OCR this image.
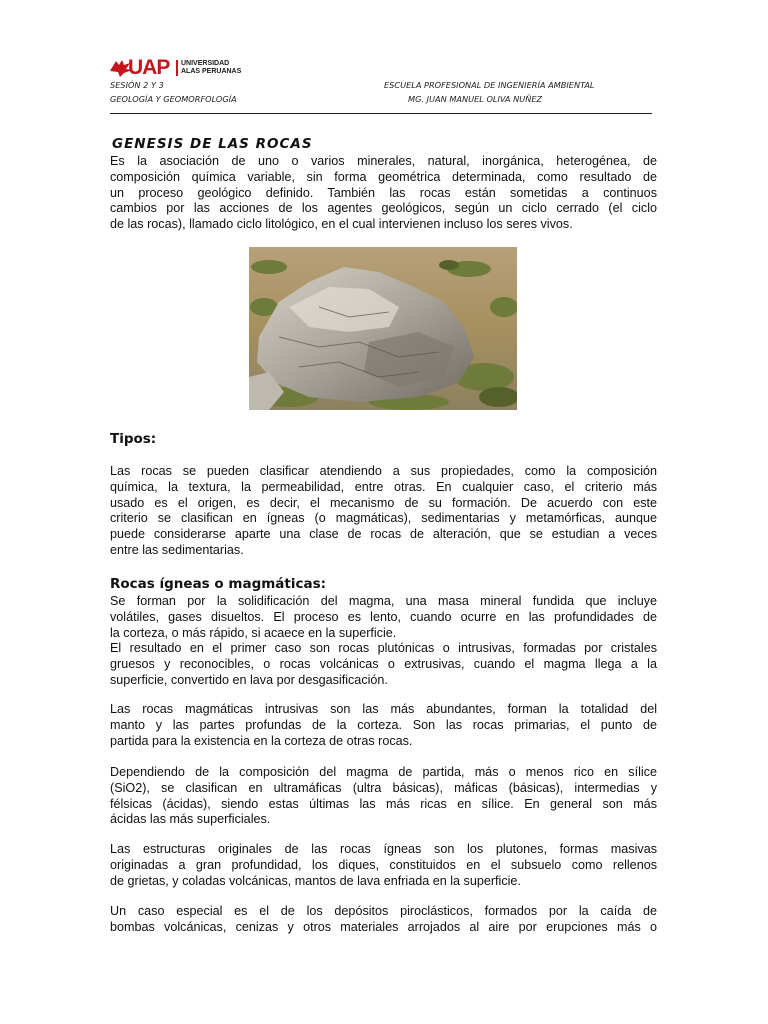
UAP UNIVERSIDAD
ALAS PERUANAS
SESIÓN 2 Y 3
GEOLOGÍA Y GEOMORFOLOGÍA
ESCUELA PROFESIONAL DE INGENIERÍA AMBIENTAL
MG. JUAN MANUEL OLIVA NUÑEZ
GENESIS DE LAS ROCAS
Es la asociación de uno o varios minerales, natural, inorgánica, heterogénea, de
composición química variable, sin forma geométrica determinada, como resultado de
un proceso geológico definido. También las rocas están sometidas a continuos
cambios por las acciones de los agentes geológicos, según un ciclo cerrado (el ciclo
de las rocas), llamado ciclo litológico, en el cual intervienen incluso los seres vivos.
Tipos:
Las rocas se pueden clasificar atendiendo a sus propiedades, como la composición
química, la textura, la permeabilidad, entre otras. En cualquier caso, el criterio más
usado es el origen, es decir, el mecanismo de su formación. De acuerdo con este
criterio se clasifican en ígneas (o magmáticas), sedimentarias y metamórficas, aunque
puede considerarse aparte una clase de rocas de alteración, que se estudian a veces
entre las sedimentarias.
Rocas ígneas o magmáticas:
Se forman por la solidificación del magma, una masa mineral fundida que incluye
volátiles, gases disueltos. El proceso es lento, cuando ocurre en las profundidades de
la corteza, o más rápido, si acaece en la superficie.
El resultado en el primer caso son rocas plutónicas o intrusivas, formadas por cristales
gruesos y reconocibles, o rocas volcánicas o extrusivas, cuando el magma llega a la
superficie, convertido en lava por desgasificación.
Las rocas magmáticas intrusivas son las más abundantes, forman la totalidad del
manto y las partes profundas de la corteza. Son las rocas primarias, el punto de
partida para la existencia en la corteza de otras rocas.
Dependiendo de la composición del magma de partida, más o menos rico en sílice
(SiO2), se clasifican en ultramáficas (ultra básicas), máficas (básicas), intermedias y
félsicas (ácidas), siendo estas últimas las más ricas en sílice. En general son más
ácidas las más superficiales.
Las estructuras originales de las rocas ígneas son los plutones, formas masivas
originadas a gran profundidad, los diques, constituidos en el subsuelo como rellenos
de grietas, y coladas volcánicas, mantos de lava enfriada en la superficie.
Un caso especial es el de los depósitos piroclásticos, formados por la caída de
bombas volcánicas, cenizas y otros materiales arrojados al aire por erupciones más o
